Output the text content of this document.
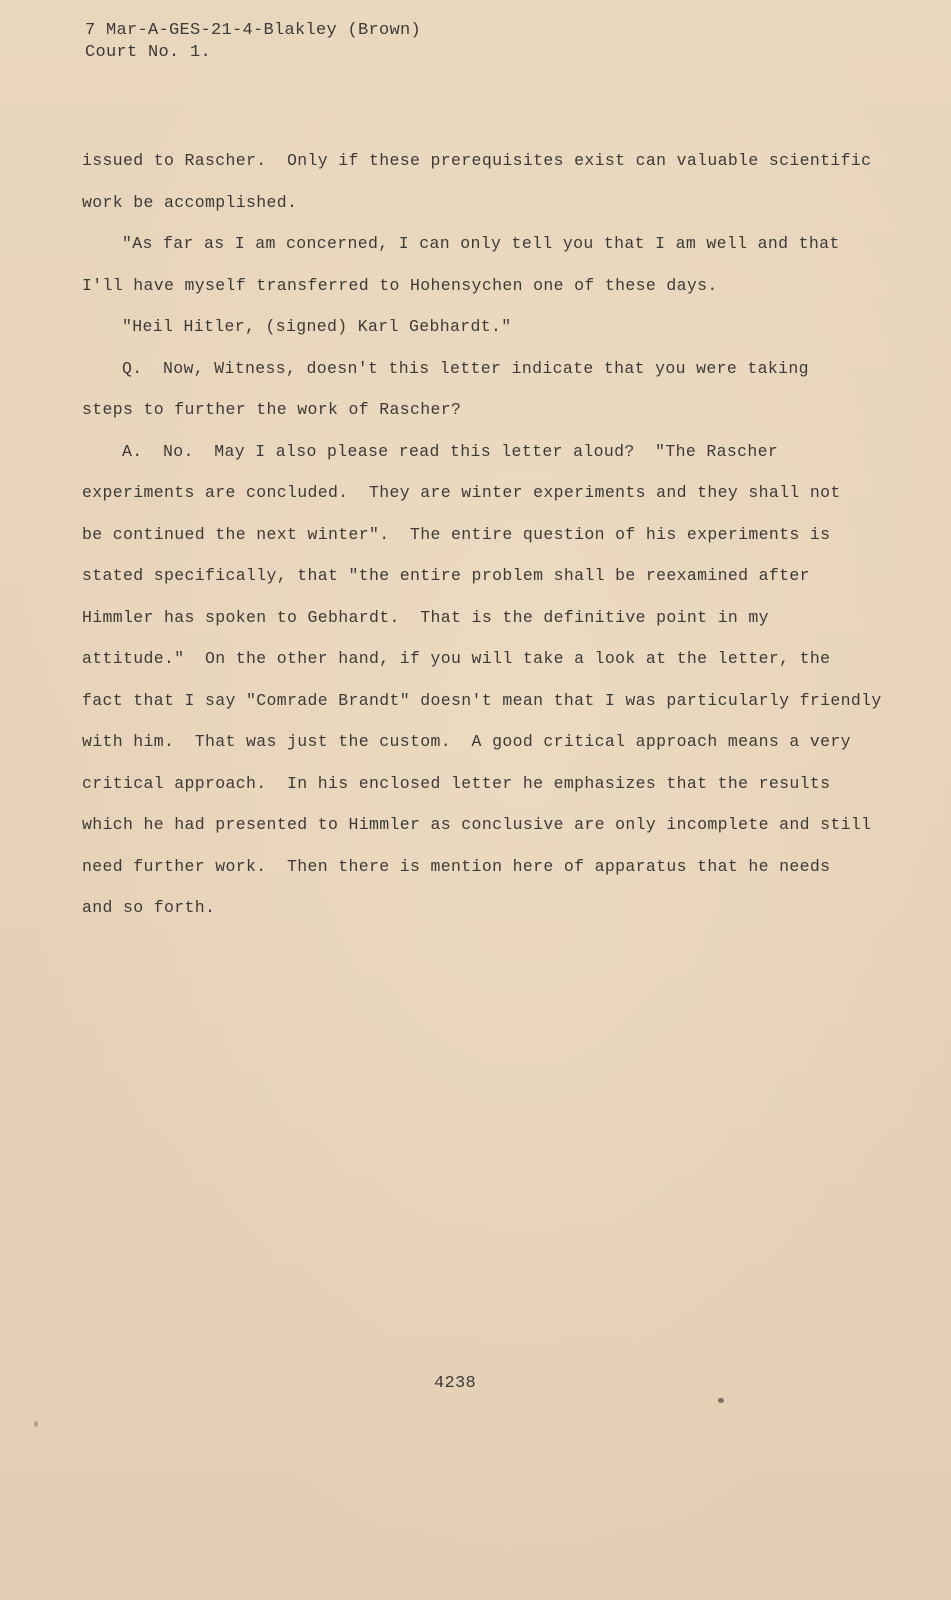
7 Mar-A-GES-21-4-Blakley (Brown)
Court No. 1.
issued to Rascher.  Only if these prerequisites exist can valuable scientific
work be accomplished.
"As far as I am concerned, I can only tell you that I am well and that
I'll have myself transferred to Hohensychen one of these days.
"Heil Hitler, (signed) Karl Gebhardt."
Q.  Now, Witness, doesn't this letter indicate that you were taking
steps to further the work of Rascher?
A.  No.  May I also please read this letter aloud?  "The Rascher
experiments are concluded.  They are winter experiments and they shall not
be continued the next winter".  The entire question of his experiments is
stated specifically, that "the entire problem shall be reexamined after
Himmler has spoken to Gebhardt.  That is the definitive point in my
attitude."  On the other hand, if you will take a look at the letter, the
fact that I say "Comrade Brandt" doesn't mean that I was particularly friendly
with him.  That was just the custom.  A good critical approach means a very
critical approach.  In his enclosed letter he emphasizes that the results
which he had presented to Himmler as conclusive are only incomplete and still
need further work.  Then there is mention here of apparatus that he needs
and so forth.
4238
